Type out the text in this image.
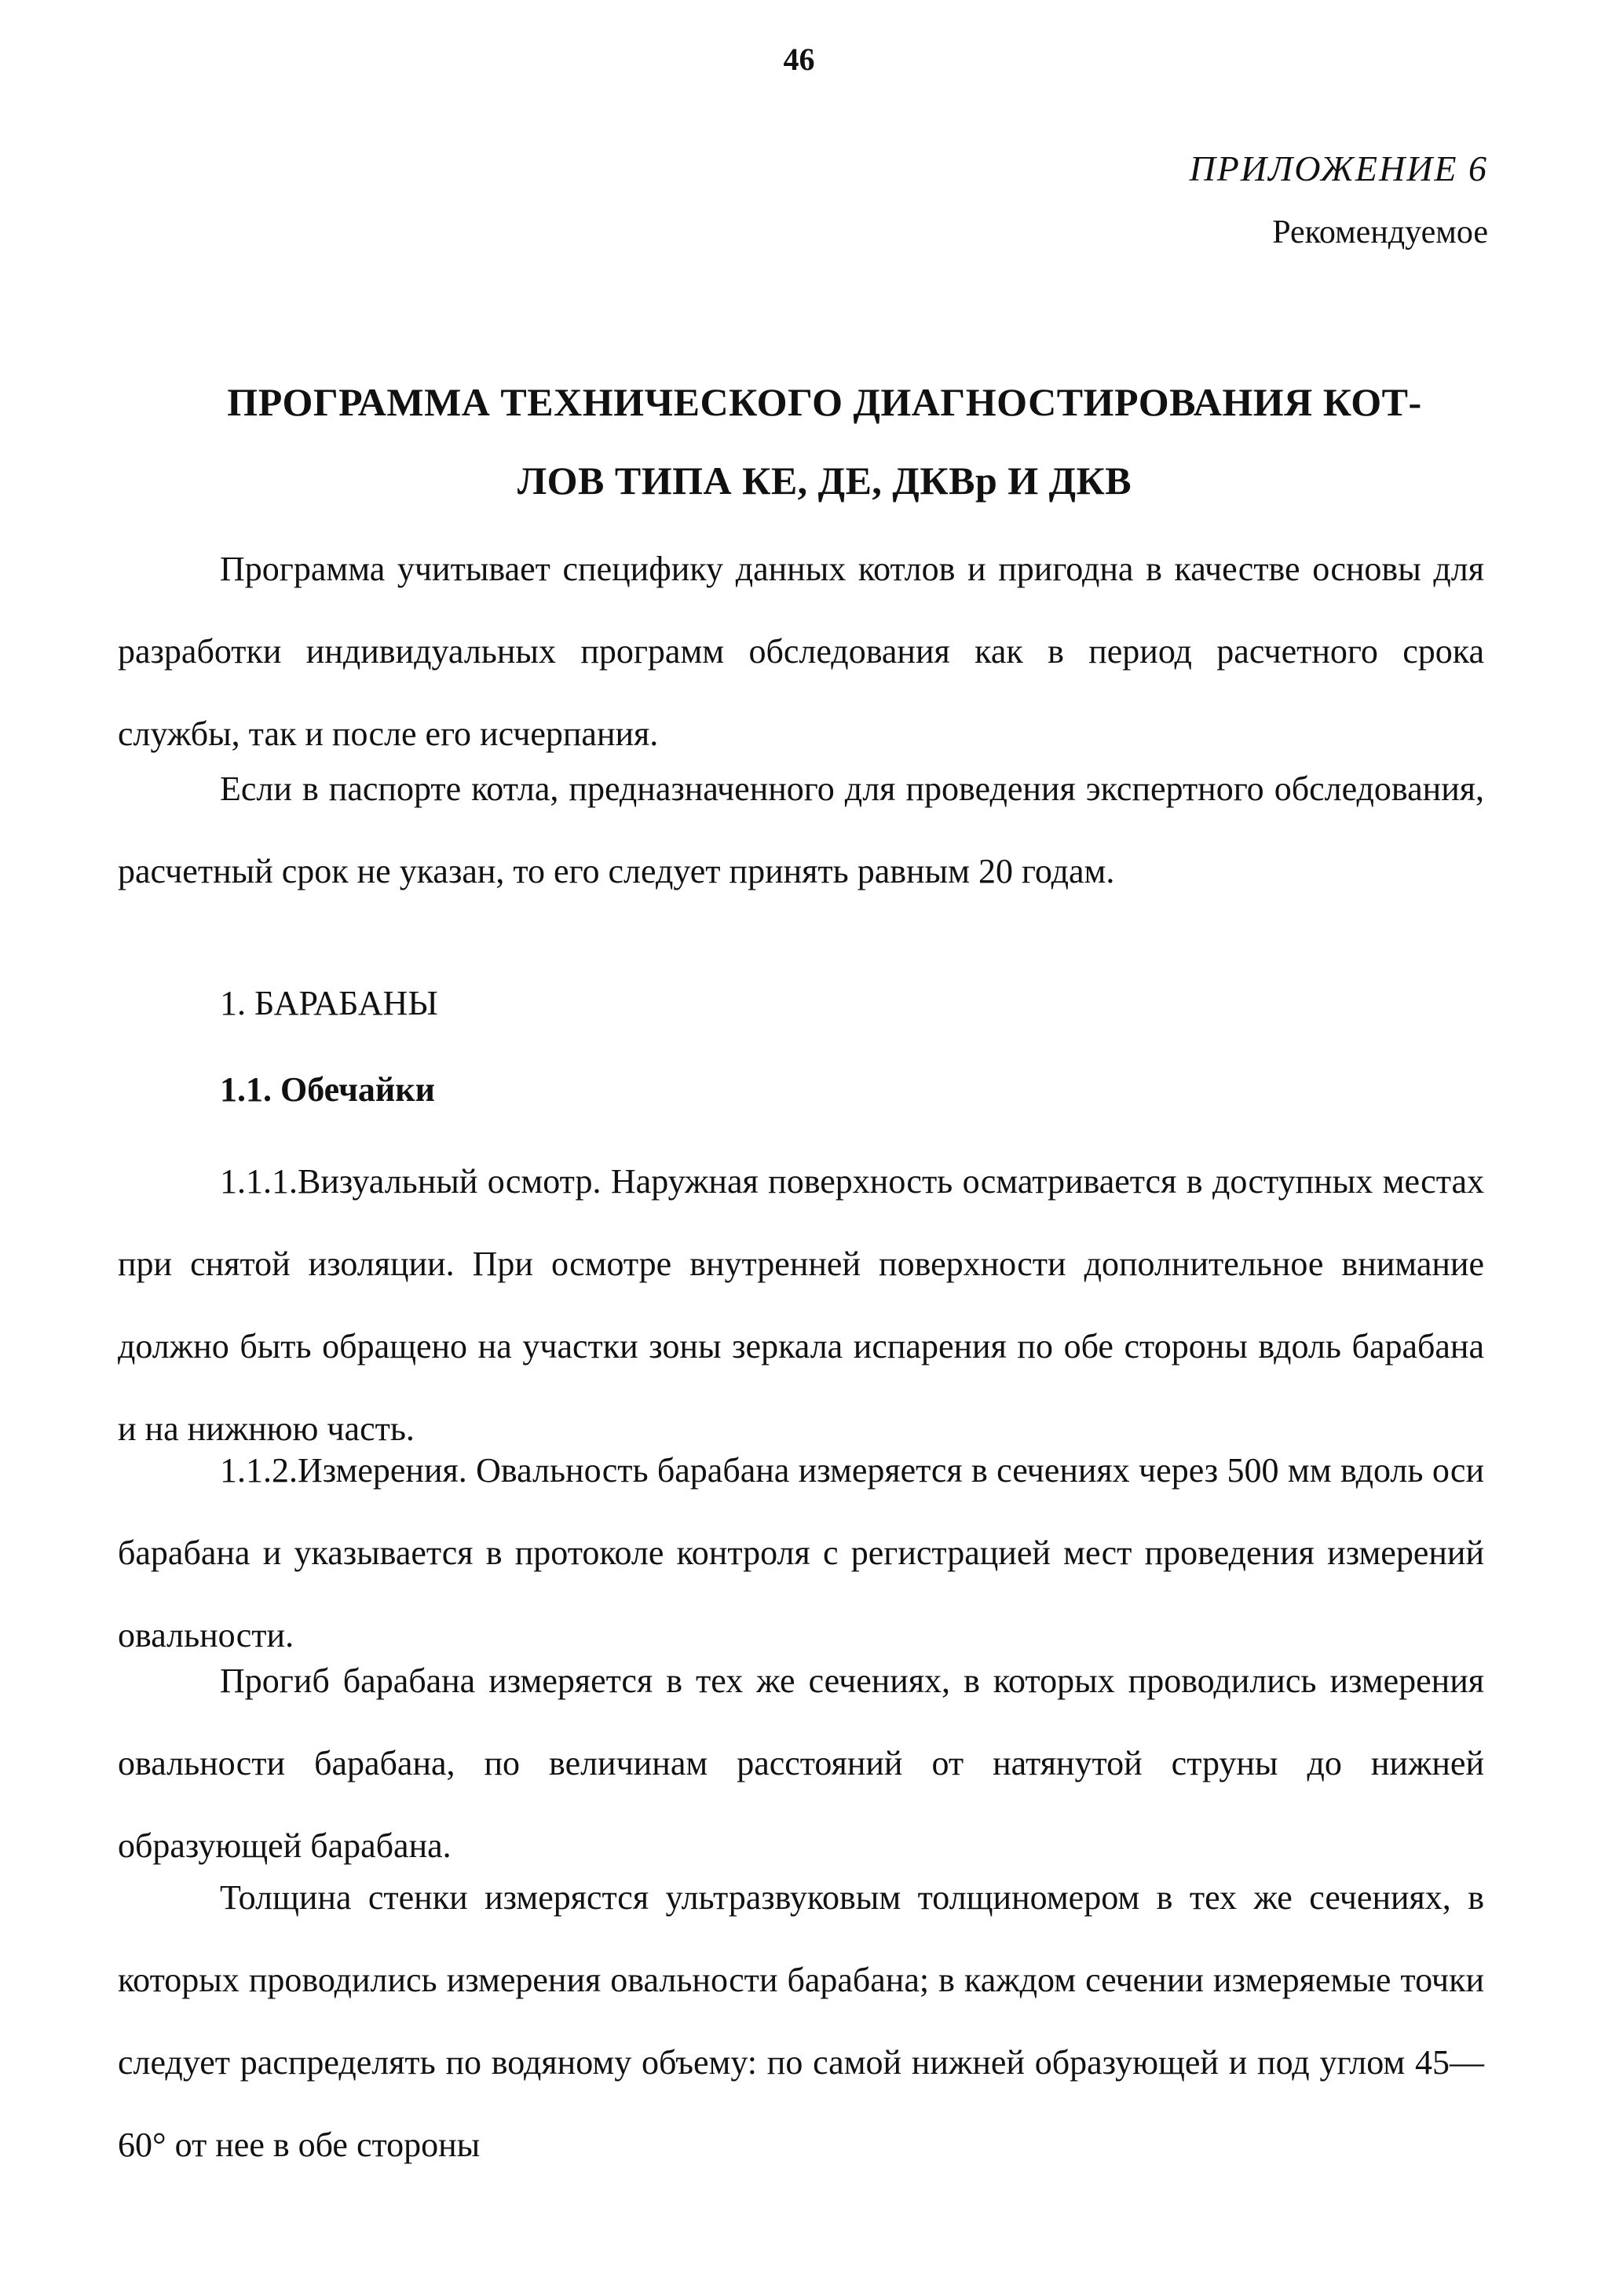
46
ПРИЛОЖЕНИЕ 6
Рекомендуемое
ПРОГРАММА ТЕХНИЧЕСКОГО ДИАГНОСТИРОВАНИЯ КОТ-
ЛОВ ТИПА КЕ, ДЕ, ДКВр И ДКВ

Программа учитывает специфику данных котлов и пригодна в качестве основы для разработки индивидуальных программ обследования как в период расчетного срока службы, так и после его исчерпания.

Если в паспорте котла, предназначенного для проведения экспертного обследования, расчетный срок не указан, то его следует принять равным 20 годам.

1. БАРАБАНЫ
1.1. Обечайки

1.1.1.Визуальный осмотр. Наружная поверхность осматривается в доступных местах при снятой изоляции. При осмотре внутренней поверхности дополнительное внимание должно быть обращено на участки зоны зеркала испарения по обе стороны вдоль барабана и на нижнюю часть.

1.1.2.Измерения. Овальность барабана измеряется в сечениях через 500 мм вдоль оси барабана и указывается в протоколе контроля с регистрацией мест проведения измерений овальности.

Прогиб барабана измеряется в тех же сечениях, в которых проводились измерения овальности барабана, по величинам расстояний от натянутой струны до нижней образующей барабана.

Толщина стенки измерястся ультразвуковым толщиномером в тех же сечениях, в которых проводились измерения овальности барабана; в каждом сечении измеряемые точки следует распределять по водяному объему: по самой нижней образующей и под углом 45—60° от нее в обе стороны
